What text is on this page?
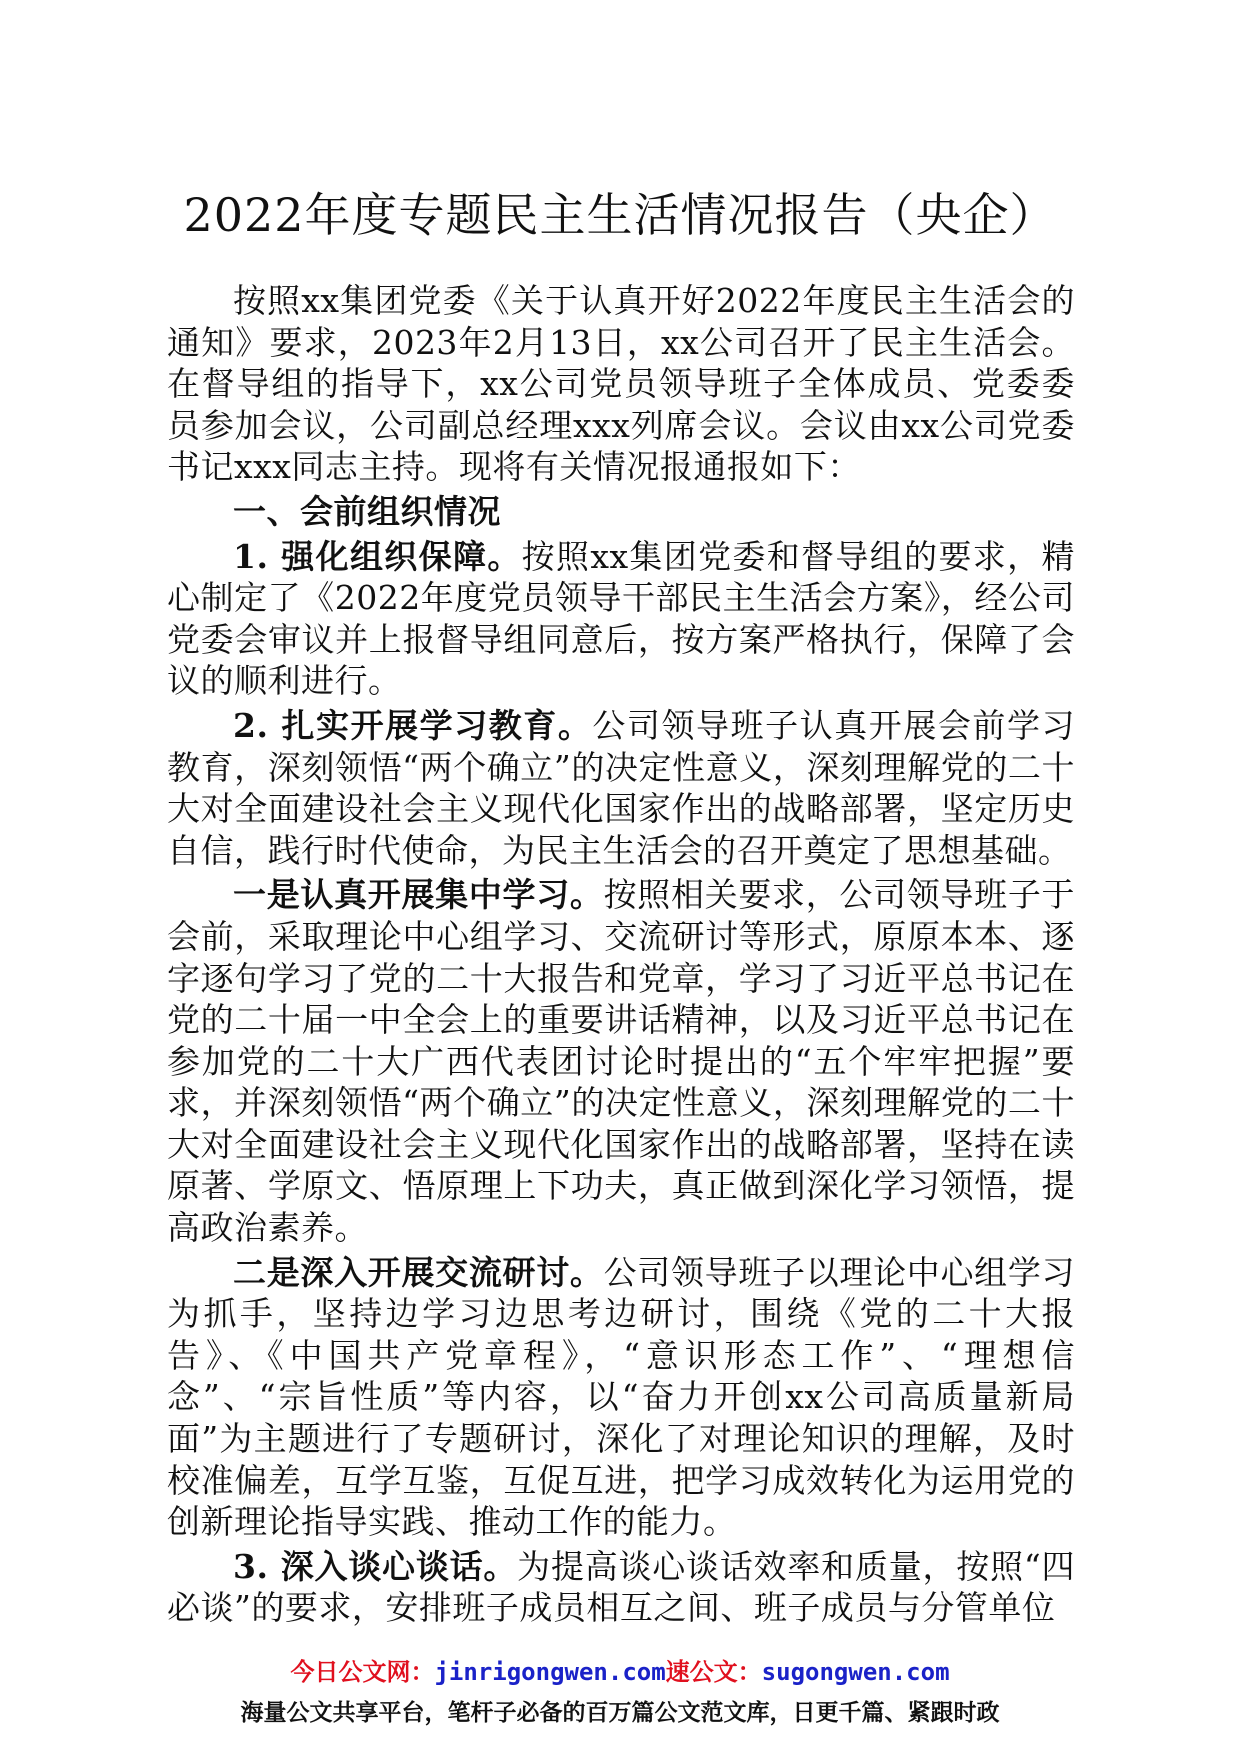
2022年度专题民主生活情况报告（央企）

按照xx集团党委《关于认真开好2022年度民主生活会的通知》要求，2023年2月13日，xx公司召开了民主生活会。在督导组的指导下，xx公司党员领导班子全体成员、党委委员参加会议，公司副总经理xxx列席会议。会议由xx公司党委书记xxx同志主持。现将有关情况报通报如下：

一、会前组织情况

1. 强化组织保障。按照xx集团党委和督导组的要求，精心制定了《2022年度党员领导干部民主生活会方案》，经公司党委会审议并上报督导组同意后，按方案严格执行，保障了会议的顺利进行。

2. 扎实开展学习教育。公司领导班子认真开展会前学习教育，深刻领悟“两个确立”的决定性意义，深刻理解党的二十大对全面建设社会主义现代化国家作出的战略部署，坚定历史自信，践行时代使命，为民主生活会的召开奠定了思想基础。

一是认真开展集中学习。按照相关要求，公司领导班子于会前，采取理论中心组学习、交流研讨等形式，原原本本、逐字逐句学习了党的二十大报告和党章，学习了习近平总书记在党的二十届一中全会上的重要讲话精神，以及习近平总书记在参加党的二十大广西代表团讨论时提出的“五个牢牢把握”要求，并深刻领悟“两个确立”的决定性意义，深刻理解党的二十大对全面建设社会主义现代化国家作出的战略部署，坚持在读原著、学原文、悟原理上下功夫，真正做到深化学习领悟，提高政治素养。

二是深入开展交流研讨。公司领导班子以理论中心组学习为抓手，坚持边学习边思考边研讨，围绕《党的二十大报告》、《中国共产党章程》，“意识形态工作”、“理想信念”、“宗旨性质”等内容，以“奋力开创xx公司高质量新局面”为主题进行了专题研讨，深化了对理论知识的理解，及时校准偏差，互学互鉴，互促互进，把学习成效转化为运用党的创新理论指导实践、推动工作的能力。

3. 深入谈心谈话。为提高谈心谈话效率和质量，按照“四必谈”的要求，安排班子成员相互之间、班子成员与分管单位

今日公文网：jinrigongwen.com速公文：sugongwen.com
海量公文共享平台，笔杆子必备的百万篇公文范文库，日更千篇、紧跟时政
